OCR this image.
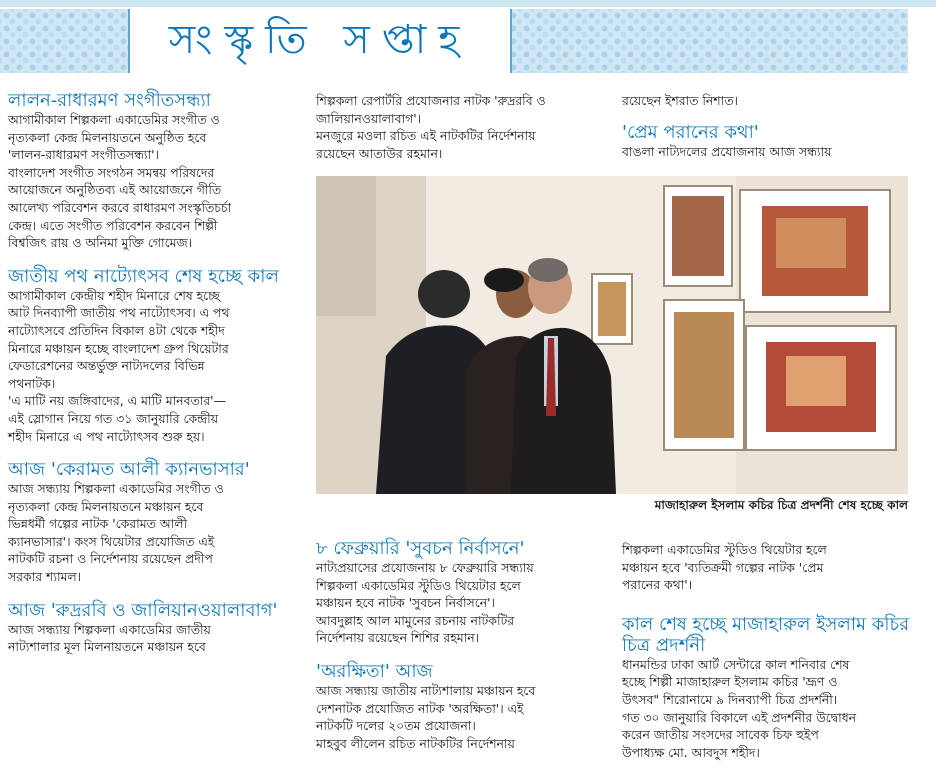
সংস্কৃতি সপ্তাহ
লালন-রাধারমণ সংগীতসন্ধ্যা

আগামীকাল শিল্পকলা একাডেমির সংগীত ও

নৃত্যকলা কেন্দ্র মিলনায়তনে অনুষ্ঠিত হবে

'লালন-রাধারমণ সংগীতসন্ধ্যা'।

বাংলাদেশ সংগীত সংগঠন সমন্বয় পরিষদের

আয়োজনে অনুষ্ঠিতব্য এই আয়োজনে গীতি

আলেখ্য পরিবেশন করবে রাধারমণ সংস্কৃতিচর্চা

কেন্দ্র। এতে সংগীত পরিবেশন করবেন শিল্পী

বিশ্বজিৎ রায় ও অনিমা মুক্তি গোমেজ।

জাতীয় পথ নাট্যোৎসব শেষ হচ্ছে কাল

আগামীকাল কেন্দ্রীয় শহীদ মিনারে শেষ হচ্ছে

আট দিনব্যাপী জাতীয় পথ নাট্যোৎসব। এ পথ

নাট্যোৎসবে প্রতিদিন বিকাল ৪টা থেকে শহীদ

মিনারে মঞ্চায়ন হচ্ছে বাংলাদেশ গ্রুপ থিয়েটার

ফেডারেশনের অন্তর্ভুক্ত নাট্যদলের বিভিন্ন

পথনাটক।

'এ মাটি নয় জঙ্গিবাদের, এ মাটি মানবতার'—

এই স্লোগান নিয়ে গত ৩১ জানুয়ারি কেন্দ্রীয়

শহীদ মিনারে এ পথ নাট্যোৎসব শুরু হয়।

আজ 'কেরামত আলী ক্যানভাসার'

আজ সন্ধ্যায় শিল্পকলা একাডেমির সংগীত ও

নৃত্যকলা কেন্দ্র মিলনায়তনে মঞ্চায়ন হবে

ভিন্নধর্মী গল্পের নাটক 'কেরামত আলী

ক্যানভাসার'। কংস থিয়েটার প্রযোজিত এই

নাটকটি রচনা ও নির্দেশনায় রয়েছেন প্রদীপ

সরকার শ্যামল।

আজ 'রুদ্ররবি ও জালিয়ানওয়ালাবাগ'

আজ সন্ধ্যায় শিল্পকলা একাডেমির জাতীয়

নাট্যশালার মূল মিলনায়তনে মঞ্চায়ন হবে

শিল্পকলা রেপার্টরি প্রযোজনার নাটক 'রুদ্ররবি ও

জালিয়ানওয়ালাবাগ'।

মনজুরে মওলা রচিত এই নাটকটির নির্দেশনায়

রয়েছেন আতাউর রহমান।

রয়েছেন ইশরাত নিশাত।

'প্রেম পরানের কথা'

বাঙলা নাট্যদলের প্রযোজনায় আজ সন্ধ্যায়

মাজাহারুল ইসলাম কচির চিত্র প্রদর্শনী শেষ হচ্ছে কাল
৮ ফেব্রুয়ারি 'সুবচন নির্বাসনে'

নাট্যপ্রয়াসের প্রযোজনায় ৮ ফেব্রুয়ারি সন্ধ্যায়

শিল্পকলা একাডেমির স্টুডিও থিয়েটার হলে

মঞ্চায়ন হবে নাটক 'সুবচন নির্বাসনে'।

আবদুল্লাহ আল মামুনের রচনায় নাটকটির

নির্দেশনায় রয়েছেন শিশির রহমান।

'অরক্ষিতা' আজ

আজ সন্ধ্যায় জাতীয় নাট্যশালায় মঞ্চায়ন হবে

দেশনাটক প্রযোজিত নাটক 'অরক্ষিতা'। এই

নাটকটি দলের ২০তম প্রযোজনা।

মাহবুব লীলেন রচিত নাটকটির নির্দেশনায়

শিল্পকলা একাডেমির স্টুডিও থিয়েটার হলে

মঞ্চায়ন হবে 'ব্যতিক্রমী গল্পের নাটক 'প্রেম

পরানের কথা'।

কাল শেষ হচ্ছে মাজাহারুল ইসলাম কচির চিত্র প্রদর্শনী

ধানমন্ডির ঢাকা আর্ট সেন্টারে কাল শনিবার শেষ

হচ্ছে শিল্পী মাজাহারুল ইসলাম কচির 'ভ্রূণ ও

উৎসব" শিরোনামে ৯ দিনব্যাপী চিত্র প্রদর্শনী।

গত ৩০ জানুয়ারি বিকালে এই প্রদর্শনীর উদ্বোধন

করেন জাতীয় সংসদের সাবেক চিফ হুইপ

উপাধ্যক্ষ মো. আবদুস শহীদ।
